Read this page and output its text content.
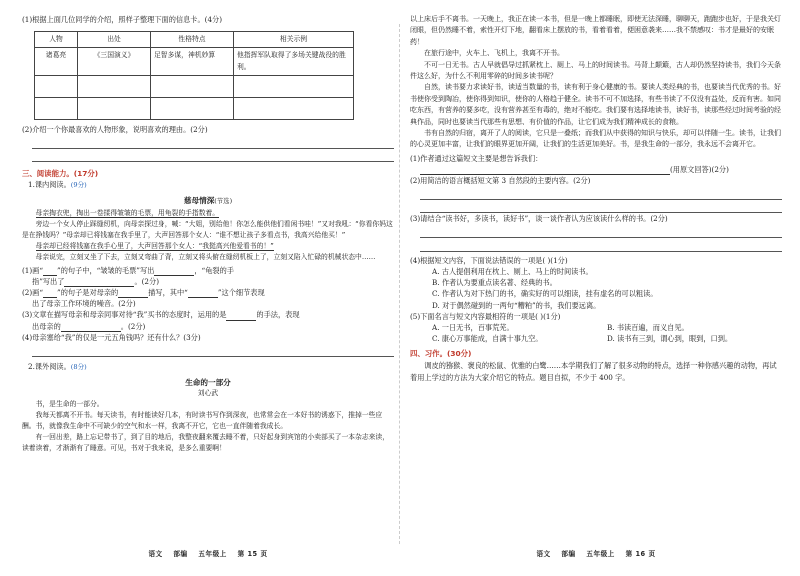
(1)根据上面几位同学的介绍，照样子整理下面的信息卡。(4分)

人物	出处	性格特点	相关示例
诸葛亮	《三国演义》	足智多谋，神机妙算	他指挥军队取得了多场关键战役的胜利。

(2)介绍一个你最喜欢的人物形象，说明喜欢的理由。(2分)

三、阅读能力。(17分)

1.课内阅读。(9分)

慈母情深(节选)

母亲掏衣兜，掏出一卷揉得皱皱的毛票，用龟裂的手指数着。

旁边一个女人停止踩缝纫机，向母亲探过身，喊：“大姐，别给他！你怎么能供他们看闲书哇！”又对我吼：“你看你妈这是在挣钱吗？”母亲却已将钱塞在我手里了，大声回答那个女人：“谁不想让孩子多看点书，我高兴给他买！”

母亲却已经将钱塞在我手心里了，大声回答那个女人：“我挺高兴他爱看书的！”

母亲说完，立刻又坐了下去，立刻又弯曲了背，立刻又将头俯在缝纫机板上了，立刻又陷入忙碌的机械状态中……

(1)画“ ”的句子中，“皱皱的毛票”写出	，“龟裂的手

指”写出了	。(2分)

(2)画“ ”的句子是对母亲的	描写，其中“	”这个细节表现

出了母亲工作环境的噪音。(2分)

(3)文章在描写母亲和母亲同事对待“我”买书的态度时，运用的是	的手法，表现

出母亲的	。(2分)

(4)母亲塞给“我”的仅是一元五角钱吗？还有什么？(3分)

2.课外阅读。(8分)

生命的一部分

刘心武

书，是生命的一部分。

我每天都离不开书。每天读书，有时能读好几本，有时读书写作到深夜，也常常会在一本好书的诱惑下，推掉一些应酬。书，就像我生命中不可缺少的空气和水一样，我离不开它，它也一直伴随着我成长。

有一回出差，路上忘记带书了，到了目的地后，我整夜翻来覆去睡不着，只好起身到宾馆的小卖部买了一本杂志来读，读着读着，才渐渐有了睡意。可见，书对于我来说，是多么重要啊！

语文 部编 五年级上 第 15 页

以上床后手不离书。一天晚上，我正在读一本书，但是一晚上都睡眠，即使无法深睡，聊聊天，跑跑步也好，于是我关灯闭眼，但仍然睡不着，索性开灯下地，翻看床上摆放的书，看着看着，便困意袭来……我不禁感叹：书才是最好的安眠药！

在旅行途中，火车上、飞机上，我离不开书。

不可一日无书。古人早就倡导过抓紧枕上、厕上、马上的时间读书。马背上颠簸，古人却仍然坚持读书，我们今天条件这么好，为什么不利用零碎的时间多读书呢？

自然，读书要力求读好书，读适当数量的书，读有利于身心健康的书。要读人类经典的书，也要读当代优秀的书。好书使你受到陶冶，使你得到知识，使你的人格趋于健全。读书不可不加选择，有些书读了不仅没有益处，反而有害。如同吃东西，有营养的要多吃，没有营养甚至有毒的，绝对不能吃。我们要有选择地读书，读好书，读那些经过时间考验的经典作品，同时也要读当代那些有思想、有价值的作品，让它们成为我们精神成长的食粮。

书有自然的归宿，离开了人的阅读，它只是一叠纸；而我们从中获得的知识与快乐，却可以伴随一生。读书，让我们的心灵更加丰富，让我们的眼界更加开阔，让我们的生活更加美好。书，是我生命的一部分，我永远不会离开它。

(1)作者通过这篇短文主要是想告诉我们：

(用原文回答)(2分)

(2)用简洁的语言概括短文第 3 自然段的主要内容。(2分)

(3)请结合“读书好，多读书，读好书”，谈一谈作者认为应该读什么样的书。(2分)

(4)根据短文内容，下面说法错误的一项是( )(1分)

A. 古人提倡利用在枕上、厕上、马上的时间读书。

B. 作者认为要重点读名著、经典的书。

C. 作者认为对下热门的书，确实好的可以细读，挂有虚名的可以粗读。

D. 对于偶然碰到的一两句“糟粕”的书，我们要远离。

(5)下面名言与短文内容最相符的一项是( )(1分)

A. 一日无书，百事荒芜。	B. 书读百遍，而义自见。
C. 康心万事能成，自满十事九空。	D. 读书有三到，谓心到，眼到，口到。

四、习作。(30分)

调皮的猕猴、褒良的松鼠、优雅的白鹭……本学期我们了解了很多动物的特点，选择一种你感兴趣的动物，再试着用上学过的方法为大家介绍它的特点。题目自拟，不少于 400 字。

语文 部编 五年级上 第 16 页
